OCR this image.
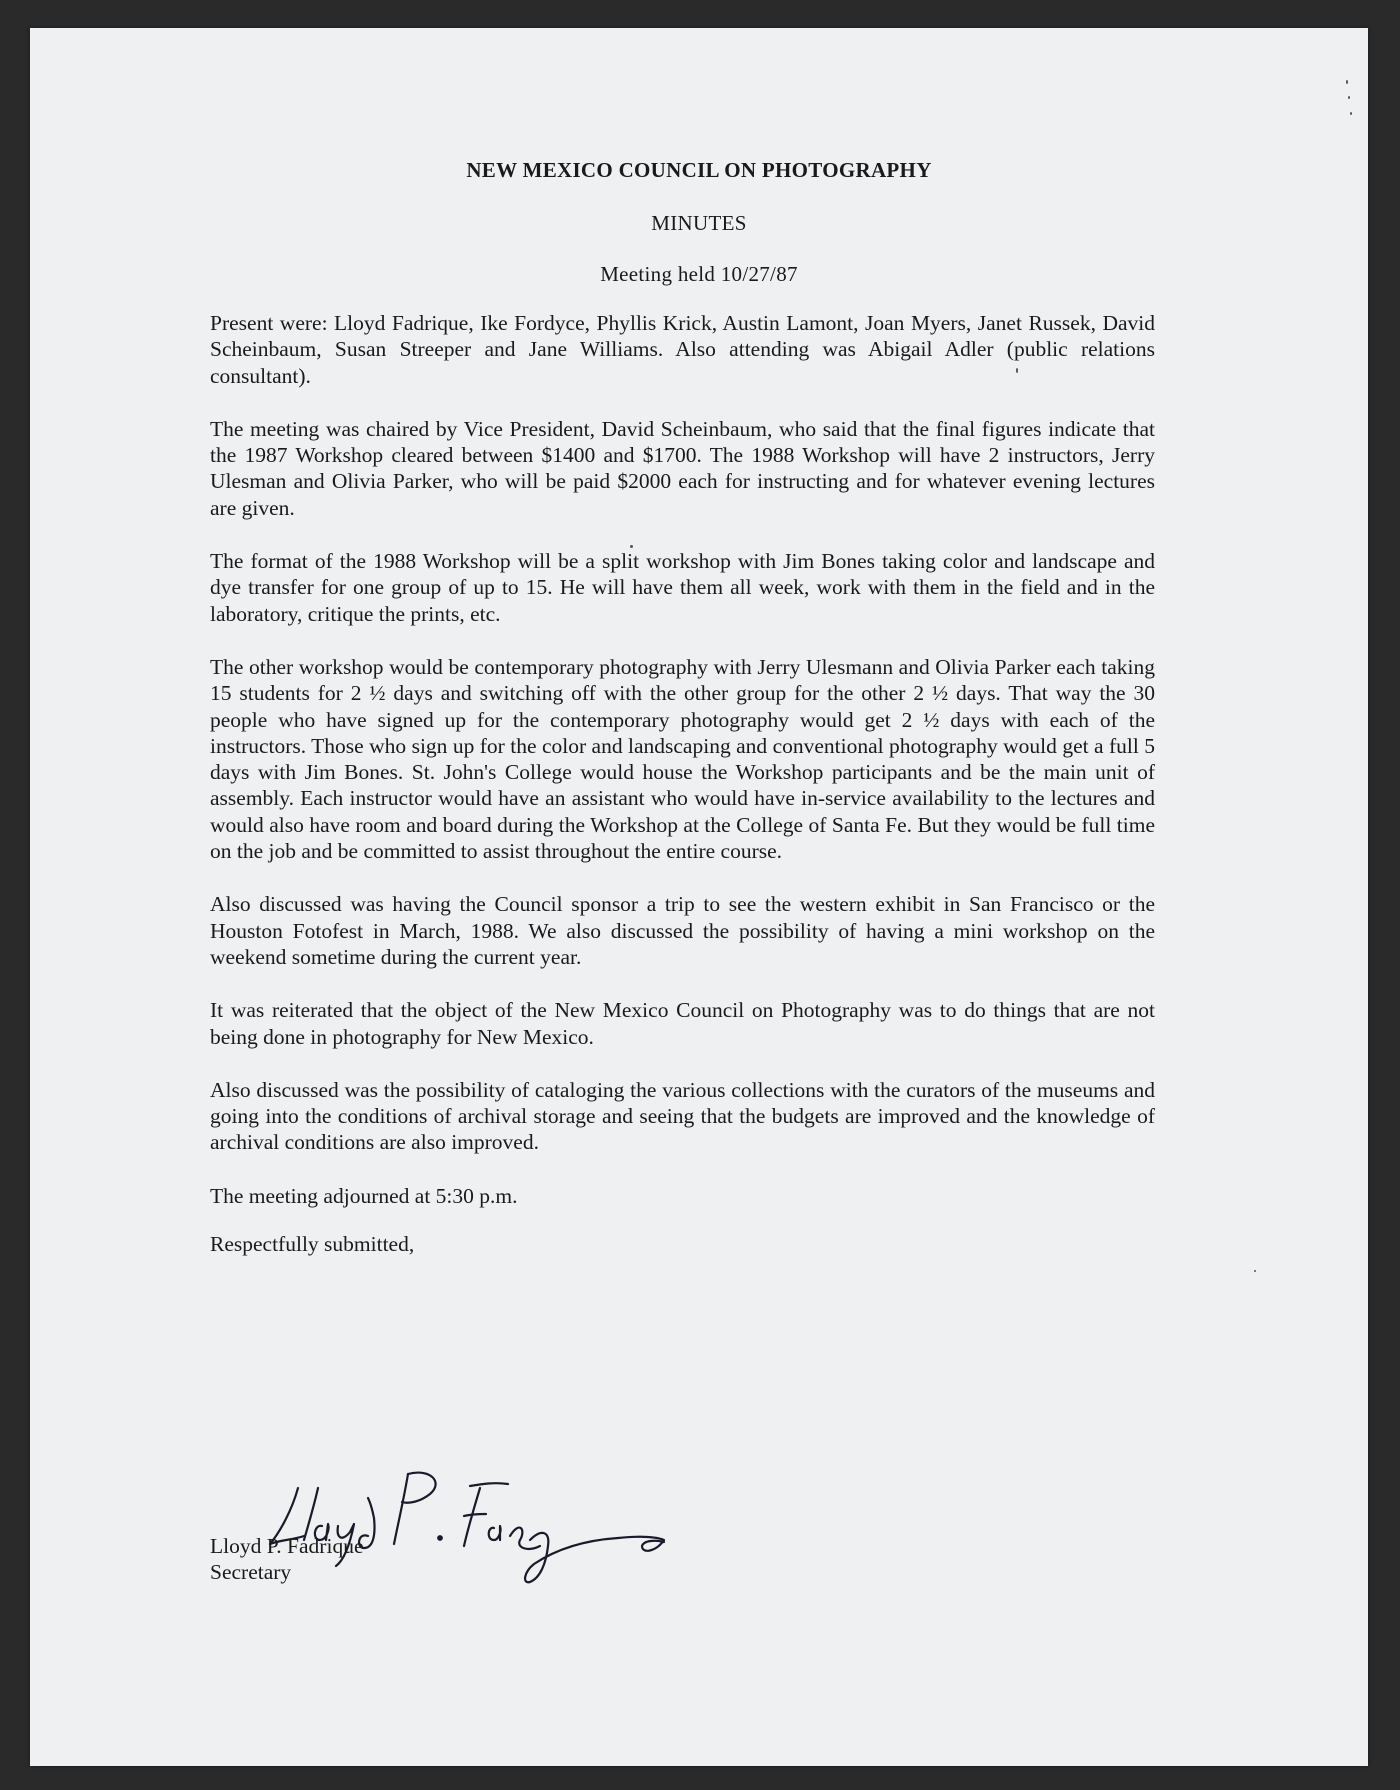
NEW MEXICO COUNCIL ON PHOTOGRAPHY
MINUTES
Meeting held 10/27/87

Present were: Lloyd Fadrique, Ike Fordyce, Phyllis Krick, Austin Lamont, Joan Myers, Janet Russek, David Scheinbaum, Susan Streeper and Jane Williams. Also attending was Abigail Adler (public relations consultant).

The meeting was chaired by Vice President, David Scheinbaum, who said that the final figures indicate that the 1987 Workshop cleared between $1400 and $1700. The 1988 Workshop will have 2 instructors, Jerry Ulesman and Olivia Parker, who will be paid $2000 each for instructing and for whatever evening lectures are given.

The format of the 1988 Workshop will be a split workshop with Jim Bones taking color and landscape and dye transfer for one group of up to 15. He will have them all week, work with them in the field and in the laboratory, critique the prints, etc.

The other workshop would be contemporary photography with Jerry Ulesmann and Olivia Parker each taking 15 students for 2 ½ days and switching off with the other group for the other 2 ½ days. That way the 30 people who have signed up for the contemporary photography would get 2 ½ days with each of the instructors. Those who sign up for the color and landscaping and conventional photography would get a full 5 days with Jim Bones. St. John's College would house the Workshop participants and be the main unit of assembly. Each instructor would have an assistant who would have in-service availability to the lectures and would also have room and board during the Workshop at the College of Santa Fe. But they would be full time on the job and be committed to assist throughout the entire course.

Also discussed was having the Council sponsor a trip to see the western exhibit in San Francisco or the Houston Fotofest in March, 1988. We also discussed the possibility of having a mini workshop on the weekend sometime during the current year.

It was reiterated that the object of the New Mexico Council on Photography was to do things that are not being done in photography for New Mexico.

Also discussed was the possibility of cataloging the various collections with the curators of the museums and going into the conditions of archival storage and seeing that the budgets are improved and the knowledge of archival conditions are also improved.

The meeting adjourned at 5:30 p.m.

Respectfully submitted,

Lloyd P. Fadrique
Secretary
